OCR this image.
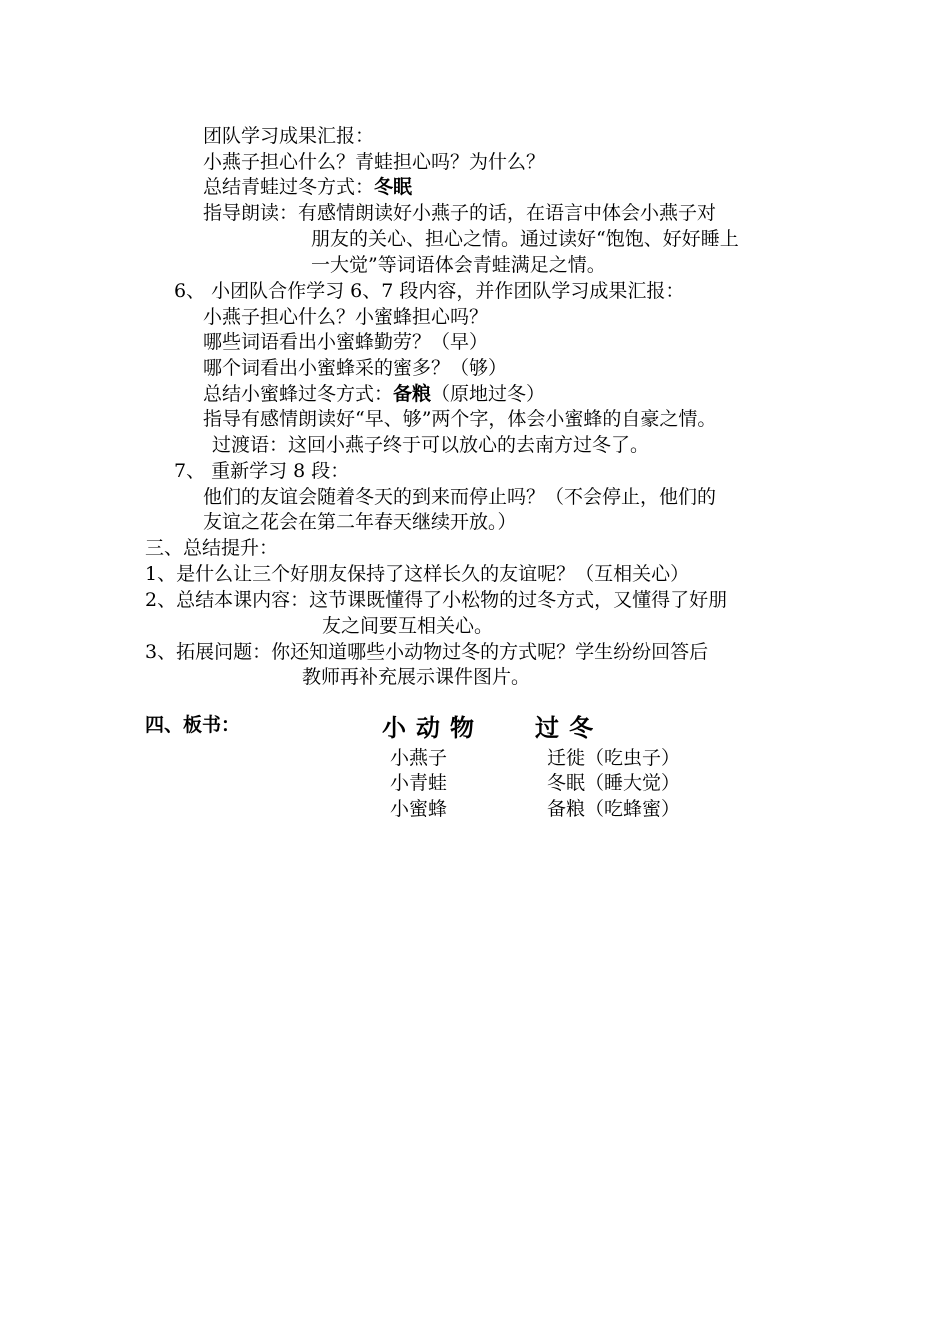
团队学习成果汇报：
小燕子担心什么？青蛙担心吗？为什么？
总结青蛙过冬方式：冬眠
指导朗读：有感情朗读好小燕子的话，在语言中体会小燕子对
朋友的关心、担心之情。通过读好“饱饱、好好睡上
一大觉”等词语体会青蛙满足之情。
6、 小团队合作学习 6、7 段内容，并作团队学习成果汇报：
小燕子担心什么？小蜜蜂担心吗？
哪些词语看出小蜜蜂勤劳？（早）
哪个词看出小蜜蜂采的蜜多？（够）
总结小蜜蜂过冬方式：备粮（原地过冬）
指导有感情朗读好“早、够”两个字，体会小蜜蜂的自豪之情。
过渡语：这回小燕子终于可以放心的去南方过冬了。
7、 重新学习 8 段：
他们的友谊会随着冬天的到来而停止吗？（不会停止，他们的
友谊之花会在第二年春天继续开放。）
三、总结提升：
1、是什么让三个好朋友保持了这样长久的友谊呢？（互相关心）
2、总结本课内容：这节课既懂得了小松物的过冬方式，又懂得了好朋
友之间要互相关心。
3、拓展问题：你还知道哪些小动物过冬的方式呢？学生纷纷回答后
教师再补充展示课件图片。
四、板书：	小动物 过冬
小燕子	迁徙（吃虫子）
小青蛙	冬眠（睡大觉）
小蜜蜂	备粮（吃蜂蜜）
